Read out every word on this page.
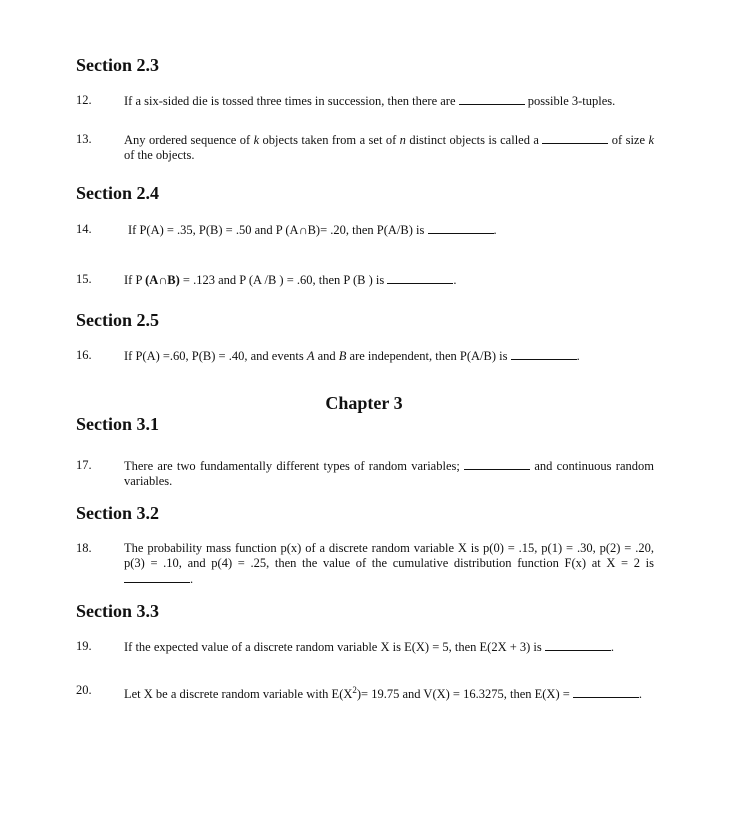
Section 2.3
12.	If a six-sided die is tossed three times in succession, then there are	possible 3-tuples.
13.	Any ordered sequence of k objects taken from a set of n distinct objects is called a	of size k of the objects.
Section 2.4
14.	If P(A) = .35, P(B) = .50 and P (A∩B)= .20, then P(A/B) is	.
15.	If P (A∩B) = .123 and P (A /B ) = .60, then P (B ) is	.
Section 2.5
16.	If P(A) =.60, P(B) = .40, and events A and B are independent, then P(A/B) is	.
Chapter 3
Section 3.1
17.	There are two fundamentally different types of random variables;	and continuous random variables.
Section 3.2
18.	The probability mass function p(x) of a discrete random variable X is p(0) = .15, p(1) = .30, p(2) = .20, p(3) = .10, and p(4) = .25, then the value of the cumulative distribution function F(x) at X = 2 is .
Section 3.3
19.	If the expected value of a discrete random variable X is E(X) = 5, then E(2X + 3) is	.
20.	Let X be a discrete random variable with $E(X^2)= 19.75$ and V(X) = 16.3275, then E(X) =	.
